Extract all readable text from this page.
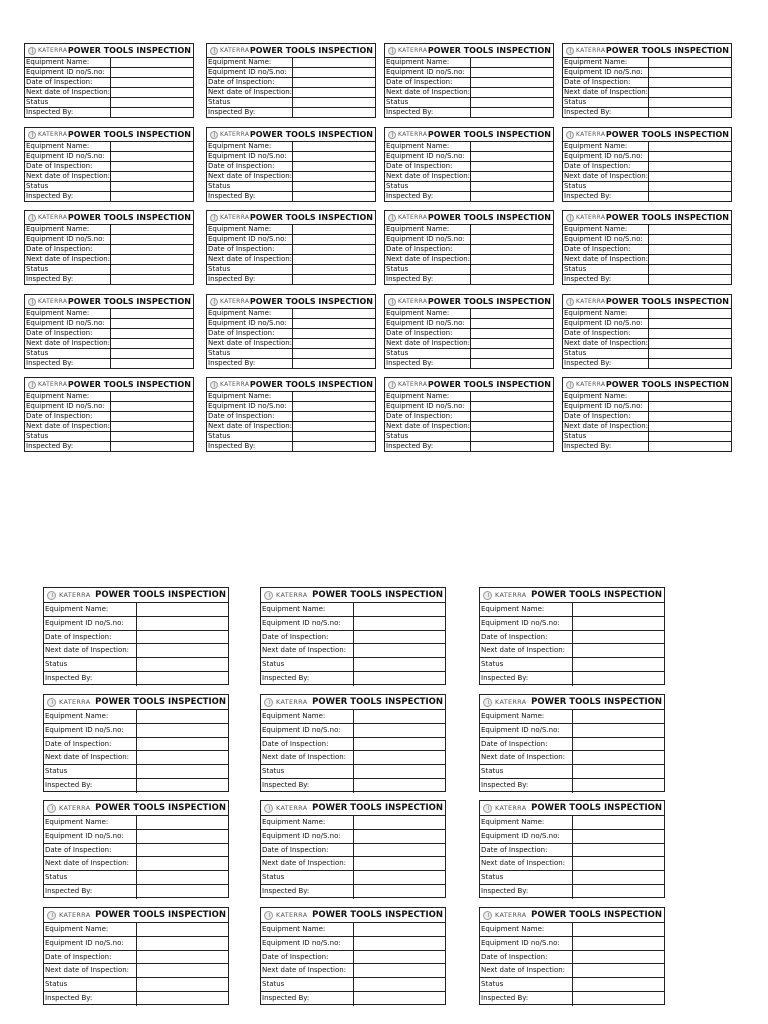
KATERRA POWER TOOLS INSPECTION
Equipment Name:
Equipment ID no/S.no:
Date of Inspection:
Next date of Inspection:
Status
Inspected By:
KATERRA POWER TOOLS INSPECTION
Equipment Name:
Equipment ID no/S.no:
Date of Inspection:
Next date of Inspection:
Status
Inspected By:
KATERRA POWER TOOLS INSPECTION
Equipment Name:
Equipment ID no/S.no:
Date of Inspection:
Next date of Inspection:
Status
Inspected By:
KATERRA POWER TOOLS INSPECTION
Equipment Name:
Equipment ID no/S.no:
Date of Inspection:
Next date of Inspection:
Status
Inspected By:
KATERRA POWER TOOLS INSPECTION
Equipment Name:
Equipment ID no/S.no:
Date of Inspection:
Next date of Inspection:
Status
Inspected By:
KATERRA POWER TOOLS INSPECTION
Equipment Name:
Equipment ID no/S.no:
Date of Inspection:
Next date of Inspection:
Status
Inspected By:
KATERRA POWER TOOLS INSPECTION
Equipment Name:
Equipment ID no/S.no:
Date of Inspection:
Next date of Inspection:
Status
Inspected By:
KATERRA POWER TOOLS INSPECTION
Equipment Name:
Equipment ID no/S.no:
Date of Inspection:
Next date of Inspection:
Status
Inspected By:
KATERRA POWER TOOLS INSPECTION
Equipment Name:
Equipment ID no/S.no:
Date of Inspection:
Next date of Inspection:
Status
Inspected By:
KATERRA POWER TOOLS INSPECTION
Equipment Name:
Equipment ID no/S.no:
Date of Inspection:
Next date of Inspection:
Status
Inspected By:
KATERRA POWER TOOLS INSPECTION
Equipment Name:
Equipment ID no/S.no:
Date of Inspection:
Next date of Inspection:
Status
Inspected By:
KATERRA POWER TOOLS INSPECTION
Equipment Name:
Equipment ID no/S.no:
Date of Inspection:
Next date of Inspection:
Status
Inspected By:
KATERRA POWER TOOLS INSPECTION
Equipment Name:
Equipment ID no/S.no:
Date of Inspection:
Next date of Inspection:
Status
Inspected By:
KATERRA POWER TOOLS INSPECTION
Equipment Name:
Equipment ID no/S.no:
Date of Inspection:
Next date of Inspection:
Status
Inspected By:
KATERRA POWER TOOLS INSPECTION
Equipment Name:
Equipment ID no/S.no:
Date of Inspection:
Next date of Inspection:
Status
Inspected By:
KATERRA POWER TOOLS INSPECTION
Equipment Name:
Equipment ID no/S.no:
Date of Inspection:
Next date of Inspection:
Status
Inspected By:
KATERRA POWER TOOLS INSPECTION
Equipment Name:
Equipment ID no/S.no:
Date of Inspection:
Next date of Inspection:
Status
Inspected By:
KATERRA POWER TOOLS INSPECTION
Equipment Name:
Equipment ID no/S.no:
Date of Inspection:
Next date of Inspection:
Status
Inspected By:
KATERRA POWER TOOLS INSPECTION
Equipment Name:
Equipment ID no/S.no:
Date of Inspection:
Next date of Inspection:
Status
Inspected By:
KATERRA POWER TOOLS INSPECTION
Equipment Name:
Equipment ID no/S.no:
Date of Inspection:
Next date of Inspection:
Status
Inspected By:
KATERRA POWER TOOLS INSPECTION
Equipment Name:
Equipment ID no/S.no:
Date of Inspection:
Next date of Inspection:
Status
Inspected By:
KATERRA POWER TOOLS INSPECTION
Equipment Name:
Equipment ID no/S.no:
Date of Inspection:
Next date of Inspection:
Status
Inspected By:
KATERRA POWER TOOLS INSPECTION
Equipment Name:
Equipment ID no/S.no:
Date of Inspection:
Next date of Inspection:
Status
Inspected By:
KATERRA POWER TOOLS INSPECTION
Equipment Name:
Equipment ID no/S.no:
Date of Inspection:
Next date of Inspection:
Status
Inspected By:
KATERRA POWER TOOLS INSPECTION
Equipment Name:
Equipment ID no/S.no:
Date of Inspection:
Next date of Inspection:
Status
Inspected By:
KATERRA POWER TOOLS INSPECTION
Equipment Name:
Equipment ID no/S.no:
Date of Inspection:
Next date of Inspection:
Status
Inspected By:
KATERRA POWER TOOLS INSPECTION
Equipment Name:
Equipment ID no/S.no:
Date of Inspection:
Next date of Inspection:
Status
Inspected By:
KATERRA POWER TOOLS INSPECTION
Equipment Name:
Equipment ID no/S.no:
Date of Inspection:
Next date of Inspection:
Status
Inspected By:
KATERRA POWER TOOLS INSPECTION
Equipment Name:
Equipment ID no/S.no:
Date of Inspection:
Next date of Inspection:
Status
Inspected By:
KATERRA POWER TOOLS INSPECTION
Equipment Name:
Equipment ID no/S.no:
Date of Inspection:
Next date of Inspection:
Status
Inspected By:
KATERRA POWER TOOLS INSPECTION
Equipment Name:
Equipment ID no/S.no:
Date of Inspection:
Next date of Inspection:
Status
Inspected By:
KATERRA POWER TOOLS INSPECTION
Equipment Name:
Equipment ID no/S.no:
Date of Inspection:
Next date of Inspection:
Status
Inspected By:
